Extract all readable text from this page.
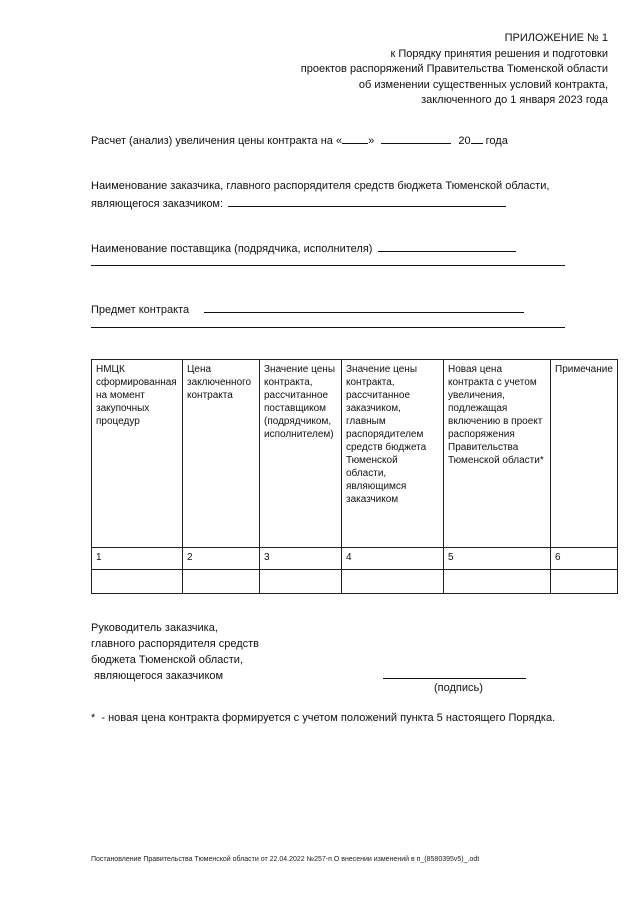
ПРИЛОЖЕНИЕ № 1
к Порядку принятия решения и подготовки
проектов распоряжений Правительства Тюменской области
об изменении существенных условий контракта,
заключенного до 1 января 2023 года
Расчет (анализ) увеличения цены контракта на « »	20 года
Наименование заказчика, главного распорядителя средств бюджета Тюменской области,
являющегося заказчиком:
Наименование поставщика (подрядчика, исполнителя)
Предмет контракта
НМЦК сформированная на момент закупочных процедур	Цена заключенного контракта	Значение цены контракта, рассчитанное поставщиком (подрядчиком, исполнителем)	Значение цены контракта, рассчитанное заказчиком, главным распорядителем средств бюджета Тюменской области, являющимся заказчиком	Новая цена контракта с учетом увеличения, подлежащая включению в проект распоряжения Правительства Тюменской области*	Примечание
1	2	3	4	5	6

Руководитель заказчика,
главного распорядителя средств
бюджета Тюменской области,
являющегося заказчиком
(подпись)
*  - новая цена контракта формируется с учетом положений пункта 5 настоящего Порядка.
Постановление Правительства Тюменской области от 22.04.2022 №257-п О внесении изменений в п_(8580395v5)_.odt
